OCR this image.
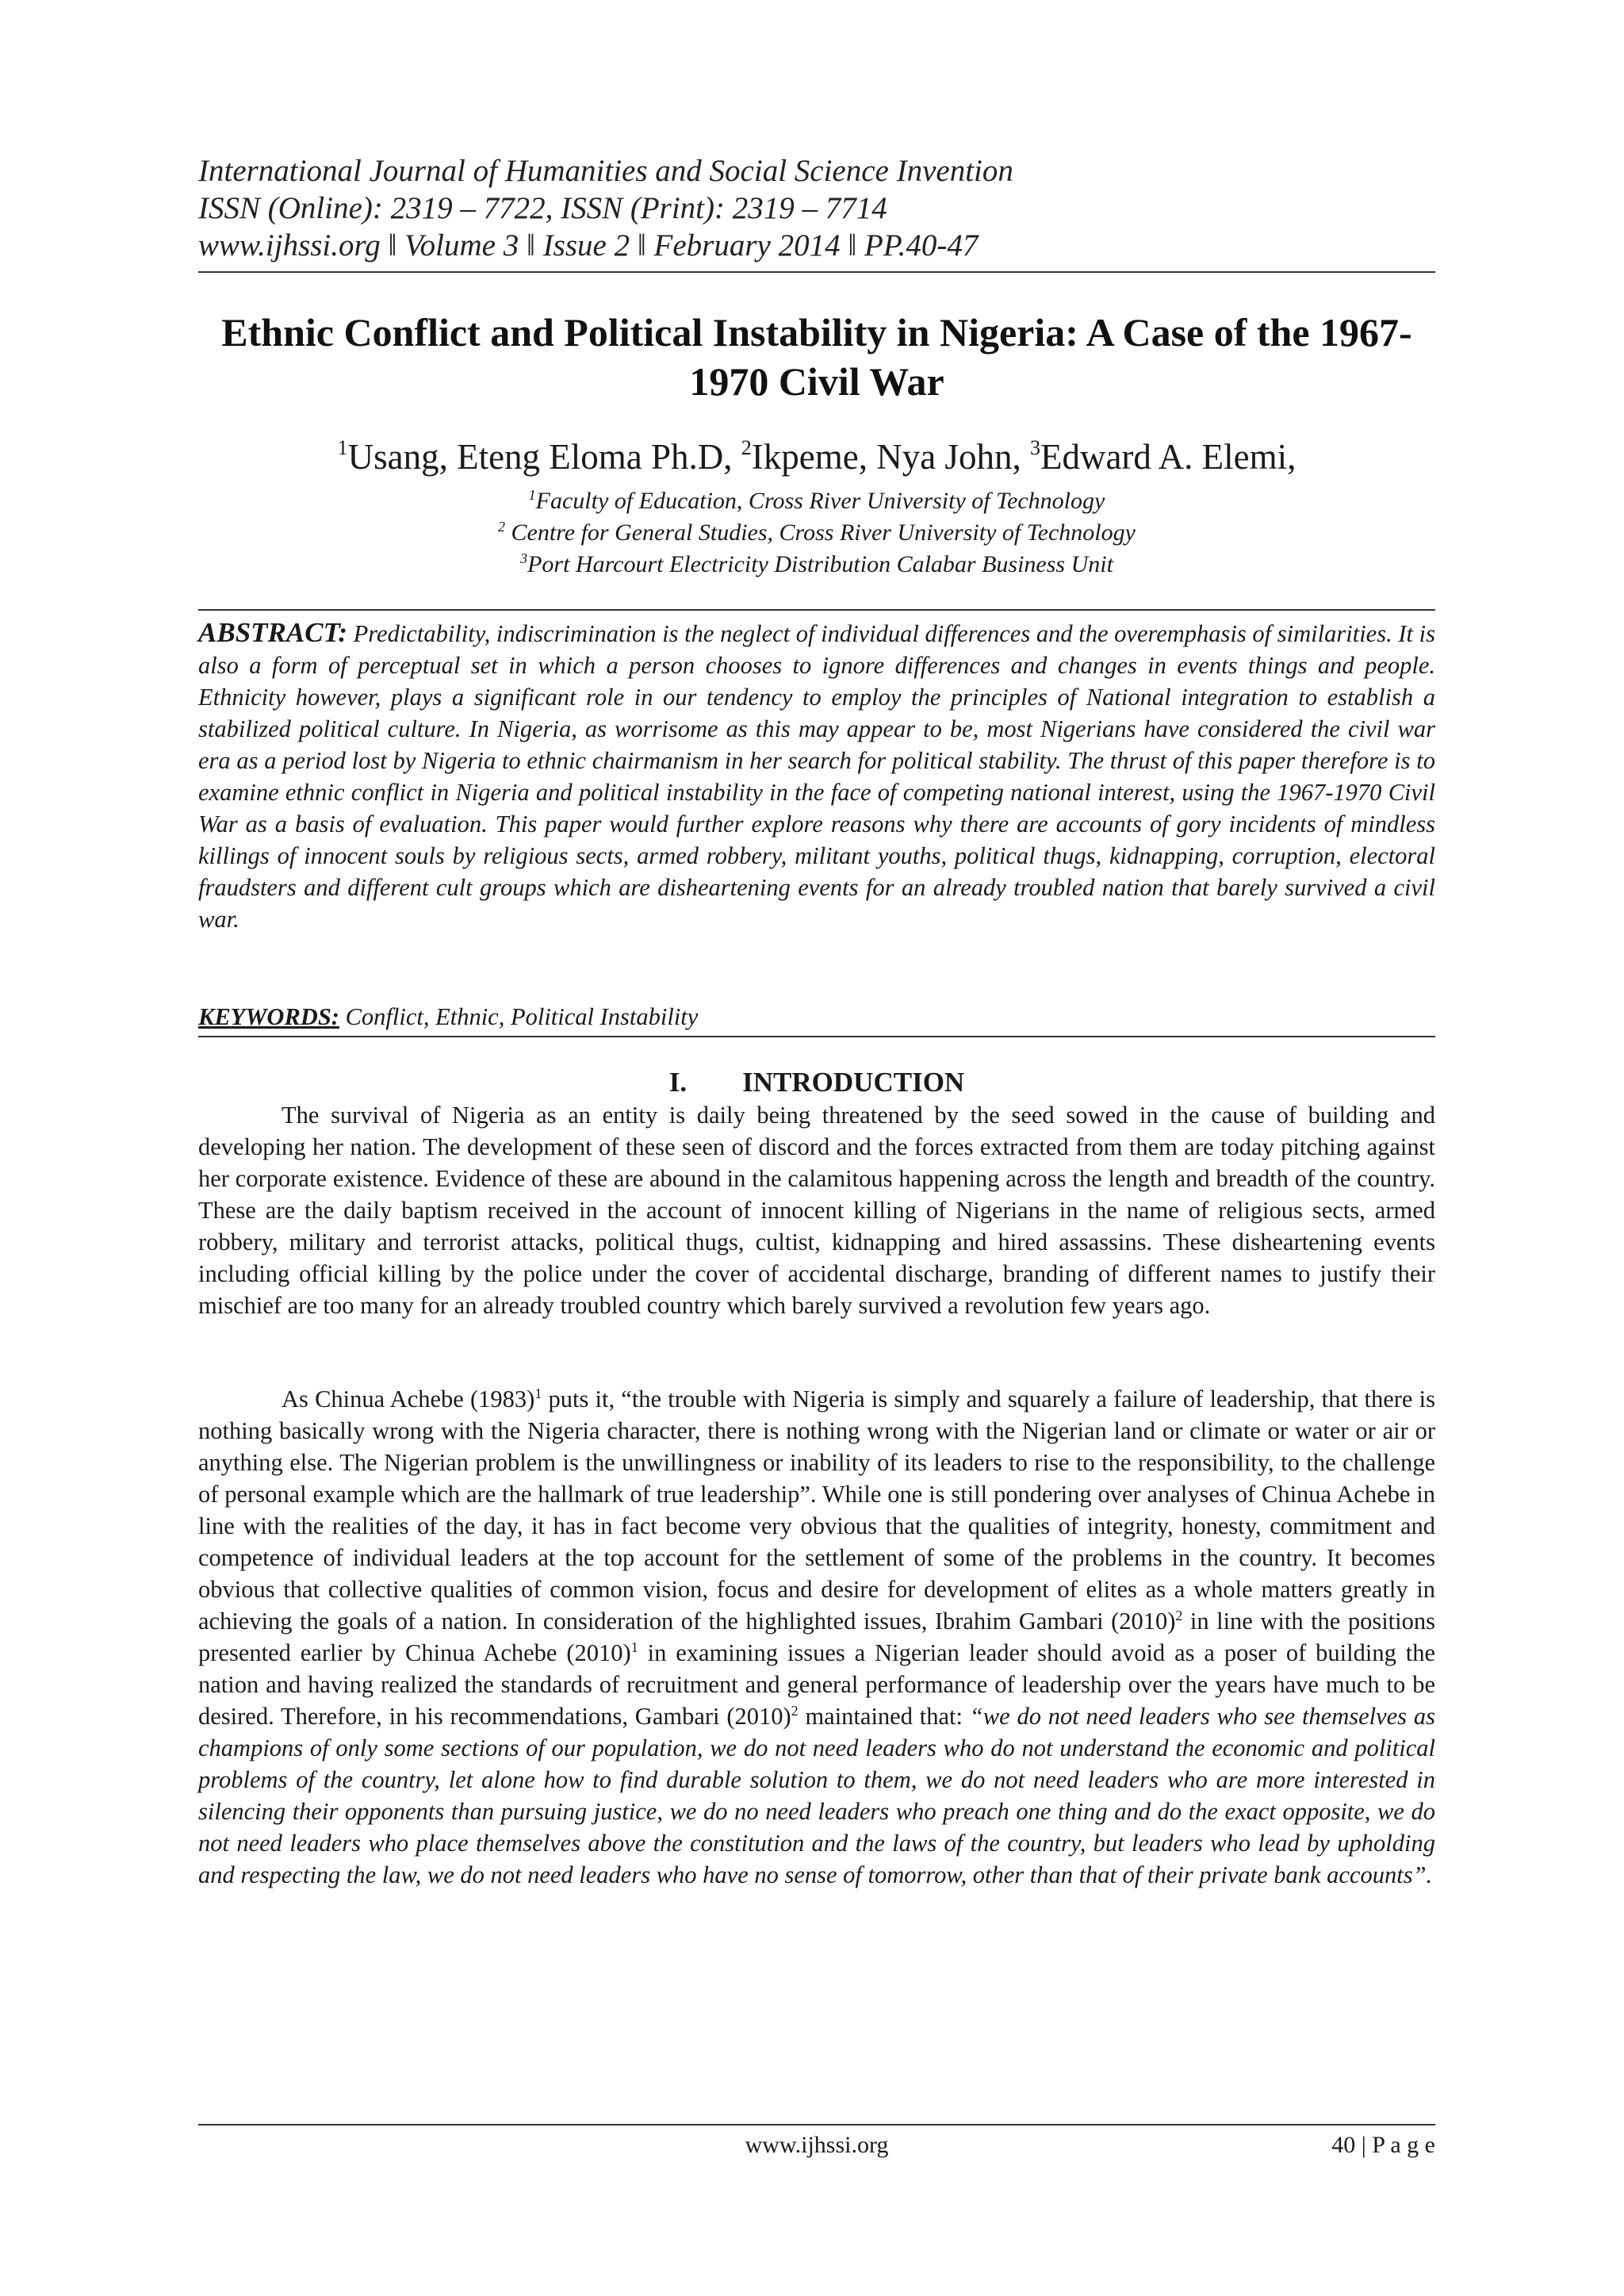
International Journal of Humanities and Social Science Invention
ISSN (Online): 2319 – 7722, ISSN (Print): 2319 – 7714
www.ijhssi.org ǁ Volume 3 ǁ Issue 2 ǁ February 2014 ǁ PP.40-47
Ethnic Conflict and Political Instability in Nigeria: A Case of the 1967-1970 Civil War
$^1$Usang, Eteng Eloma Ph.D, $^2$Ikpeme, Nya John, $^3$Edward A. Elemi,
$^1$Faculty of Education, Cross River University of Technology
$^2$ Centre for General Studies, Cross River University of Technology
$^3$Port Harcourt Electricity Distribution Calabar Business Unit
ABSTRACT: Predictability, indiscrimination is the neglect of individual differences and the overemphasis of similarities. It is also a form of perceptual set in which a person chooses to ignore differences and changes in events things and people. Ethnicity however, plays a significant role in our tendency to employ the principles of National integration to establish a stabilized political culture. In Nigeria, as worrisome as this may appear to be, most Nigerians have considered the civil war era as a period lost by Nigeria to ethnic chairmanism in her search for political stability. The thrust of this paper therefore is to examine ethnic conflict in Nigeria and political instability in the face of competing national interest, using the 1967-1970 Civil War as a basis of evaluation. This paper would further explore reasons why there are accounts of gory incidents of mindless killings of innocent souls by religious sects, armed robbery, militant youths, political thugs, kidnapping, corruption, electoral fraudsters and different cult groups which are disheartening events for an already troubled nation that barely survived a civil war.
KEYWORDS: Conflict, Ethnic, Political Instability
I. INTRODUCTION
The survival of Nigeria as an entity is daily being threatened by the seed sowed in the cause of building and developing her nation. The development of these seen of discord and the forces extracted from them are today pitching against her corporate existence. Evidence of these are abound in the calamitous happening across the length and breadth of the country. These are the daily baptism received in the account of innocent killing of Nigerians in the name of religious sects, armed robbery, military and terrorist attacks, political thugs, cultist, kidnapping and hired assassins. These disheartening events including official killing by the police under the cover of accidental discharge, branding of different names to justify their mischief are too many for an already troubled country which barely survived a revolution few years ago.
As Chinua Achebe $(1983)^1$ puts it, “the trouble with Nigeria is simply and squarely a failure of leadership, that there is nothing basically wrong with the Nigeria character, there is nothing wrong with the Nigerian land or climate or water or air or anything else. The Nigerian problem is the unwillingness or inability of its leaders to rise to the responsibility, to the challenge of personal example which are the hallmark of true leadership”. While one is still pondering over analyses of Chinua Achebe in line with the realities of the day, it has in fact become very obvious that the qualities of integrity, honesty, commitment and competence of individual leaders at the top account for the settlement of some of the problems in the country. It becomes obvious that collective qualities of common vision, focus and desire for development of elites as a whole matters greatly in achieving the goals of a nation. In consideration of the highlighted issues, Ibrahim Gambari $(2010)^2$ in line with the positions presented earlier by Chinua Achebe $(2010)^1$ in examining issues a Nigerian leader should avoid as a poser of building the nation and having realized the standards of recruitment and general performance of leadership over the years have much to be desired. Therefore, in his recommendations, Gambari $(2010)^2$ maintained that: “we do not need leaders who see themselves as champions of only some sections of our population, we do not need leaders who do not understand the economic and political problems of the country, let alone how to find durable solution to them, we do not need leaders who are more interested in silencing their opponents than pursuing justice, we do no need leaders who preach one thing and do the exact opposite, we do not need leaders who place themselves above the constitution and the laws of the country, but leaders who lead by upholding and respecting the law, we do not need leaders who have no sense of tomorrow, other than that of their private bank accounts”.
www.ijhssi.org	40 | P a g e
